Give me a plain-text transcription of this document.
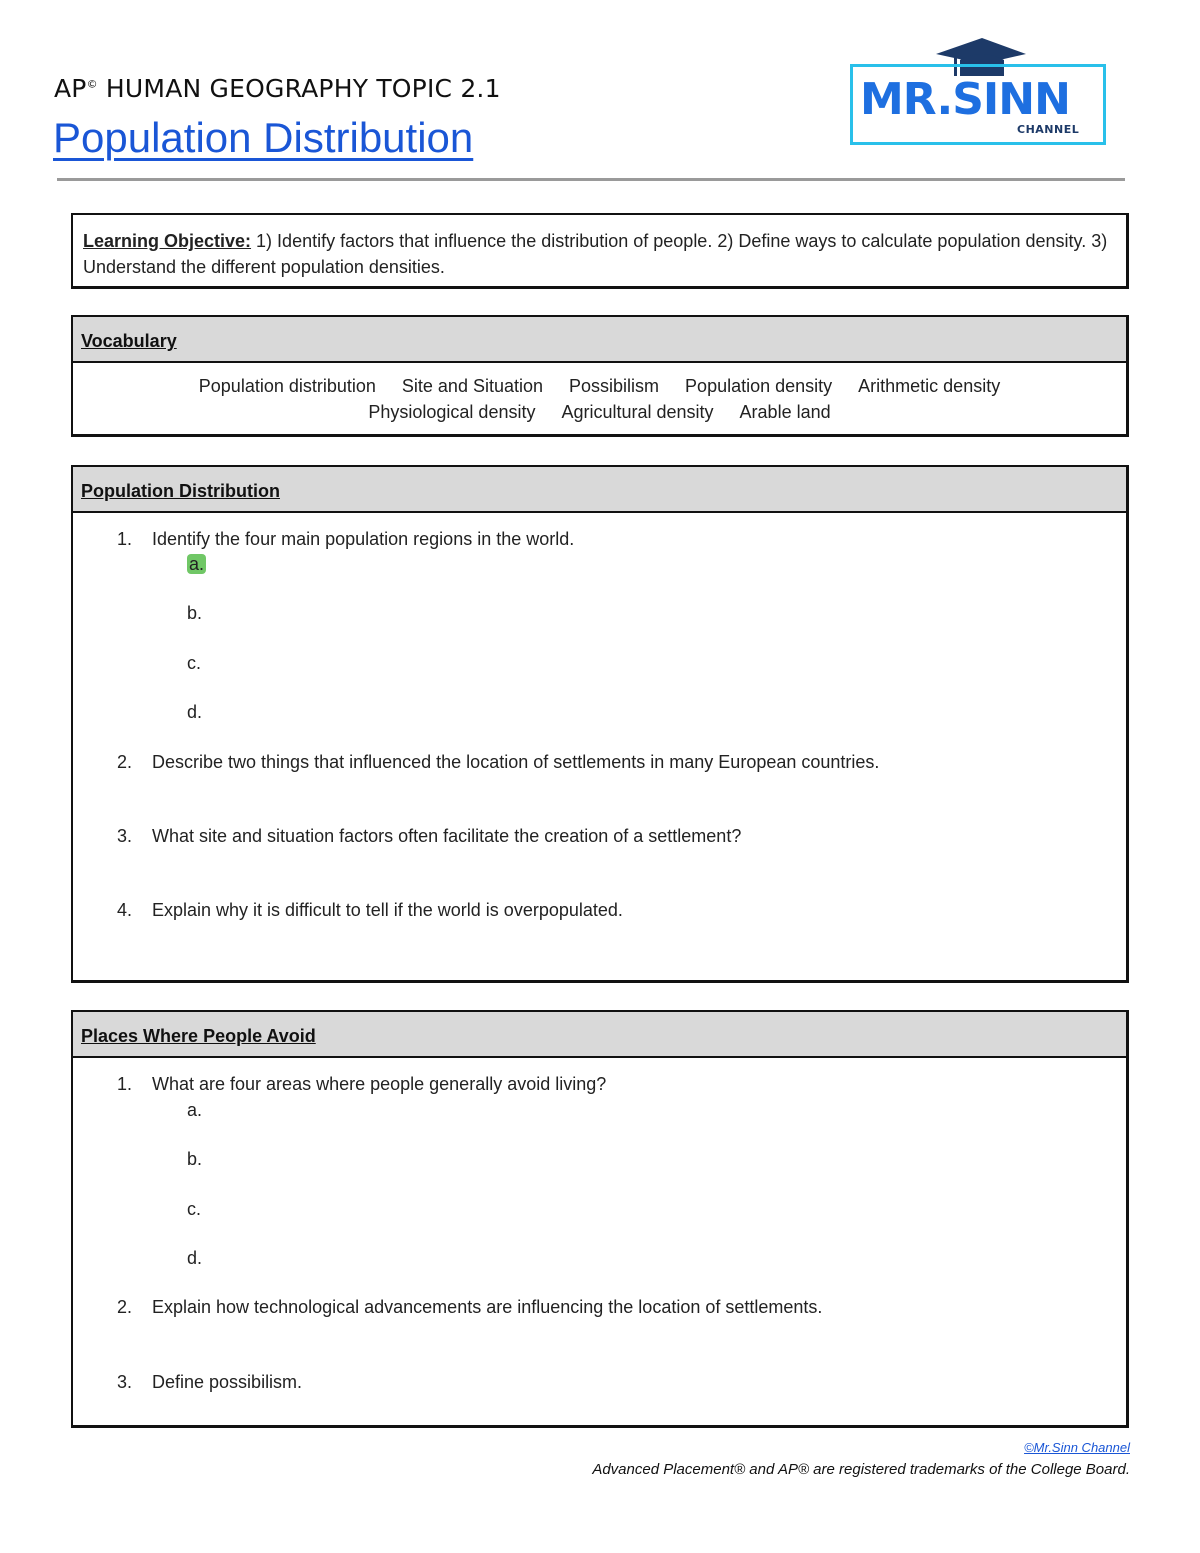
AP© HUMAN GEOGRAPHY TOPIC 2.1
Population Distribution
MR.SINN
CHANNEL
Learning Objective: 1) Identify factors that influence the distribution of people. 2) Define ways to calculate population density. 3) Understand the different population densities.
Vocabulary
Population distribution Site and Situation Possibilism Population density Arithmetic density
Physiological density Agricultural density Arable land
Population Distribution
1. Identify the four main population regions in the world.
a.
b.
c.
d.
2. Describe two things that influenced the location of settlements in many European countries.
3. What site and situation factors often facilitate the creation of a settlement?
4. Explain why it is difficult to tell if the world is overpopulated.
Places Where People Avoid
1. What are four areas where people generally avoid living?
a.
b.
c.
d.
2. Explain how technological advancements are influencing the location of settlements.
3. Define possibilism.
©Mr.Sinn Channel
Advanced Placement® and AP® are registered trademarks of the College Board.
